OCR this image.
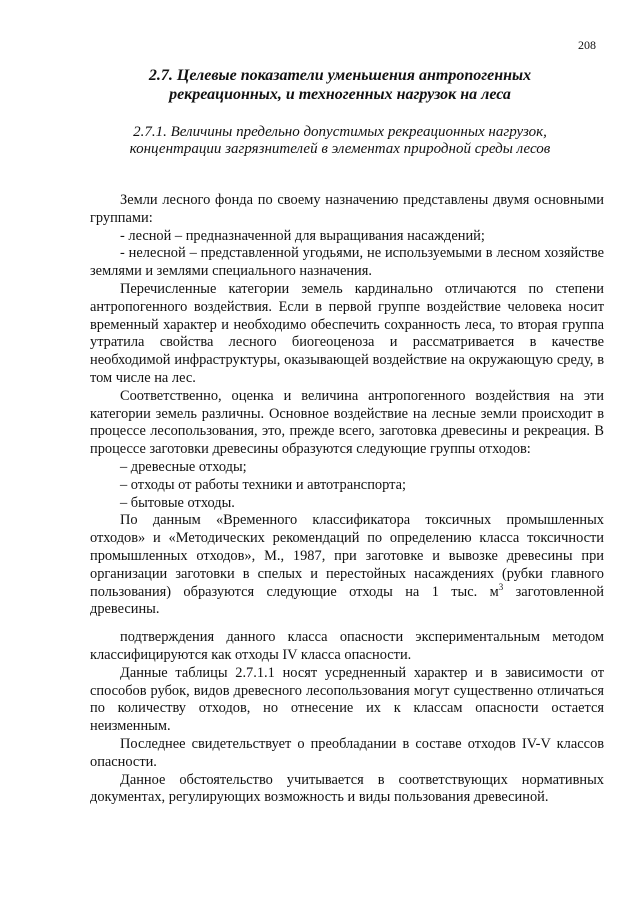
208
2.7. Целевые показатели уменьшения антропогенных рекреационных, и техногенных нагрузок на леса
2.7.1. Величины предельно допустимых рекреационных нагрузок, концентрации загрязнителей в элементах природной среды лесов

Земли лесного фонда по своему назначению представлены двумя основными группами:

- лесной – предназначенной для выращивания насаждений;

- нелесной – представленной угодьями, не используемыми в лесном хозяйстве землями и землями специального назначения.

Перечисленные категории земель кардинально отличаются по степени антропогенного воздействия. Если в первой группе воздействие человека носит временный характер и необходимо обеспечить сохранность леса, то вторая группа утратила свойства лесного биогеоценоза и рассматривается в качестве необходимой инфраструктуры, оказывающей воздействие на окружающую среду, в том числе на лес.

Соответственно, оценка и величина антропогенного воздействия на эти категории земель различны. Основное воздействие на лесные земли происходит в процессе лесопользования, это, прежде всего, заготовка древесины и рекреация. В процессе заготовки древесины образуются следующие группы отходов:

– древесные отходы;

– отходы от работы техники и автотранспорта;

– бытовые отходы.

По данным «Временного классификатора токсичных промышленных отходов» и «Методических рекомендаций по определению класса токсичности промышленных отходов», М., 1987, при заготовке и вывозке древесины при организации заготовки в спелых и перестойных насаждениях (рубки главного пользования) образуются следующие отходы на 1 тыс. $м^3$ заготовленной древесины.

подтверждения данного класса опасности экспериментальным методом классифицируются как отходы IV класса опасности.

Данные таблицы 2.7.1.1 носят усредненный характер и в зависимости от способов рубок, видов древесного лесопользования могут существенно отличаться по количеству отходов, но отнесение их к классам опасности остается неизменным.

Последнее свидетельствует о преобладании в составе отходов IV-V классов опасности.

Данное обстоятельство учитывается в соответствующих нормативных документах, регулирующих возможность и виды пользования древесиной.
